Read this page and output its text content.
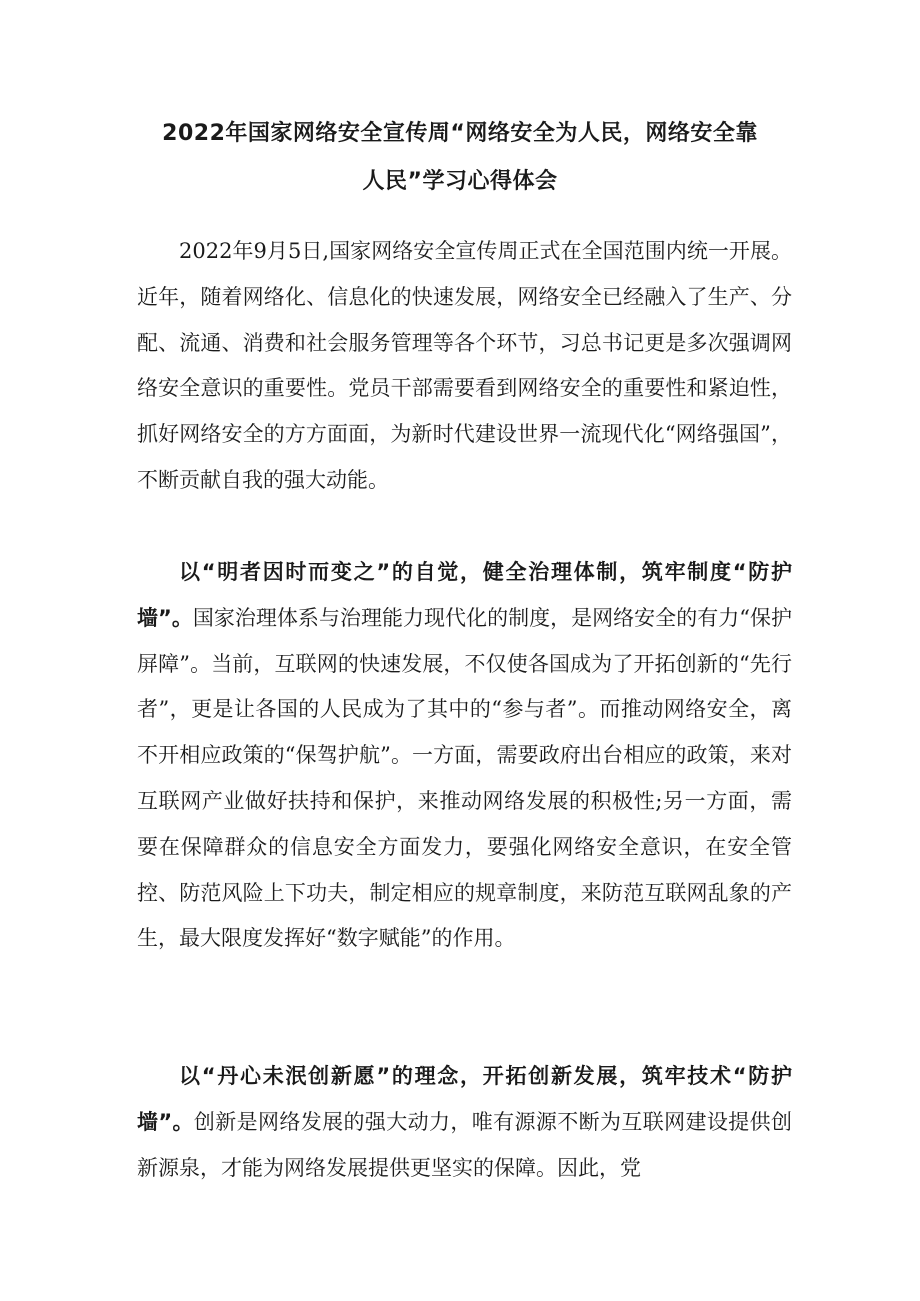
2022年国家网络安全宣传周“网络安全为人民，网络安全靠
人民”学习心得体会

2022年9月5日,国家网络安全宣传周正式在全国范围内统一开展。近年，随着网络化、信息化的快速发展，网络安全已经融入了生产、分配、流通、消费和社会服务管理等各个环节，习总书记更是多次强调网络安全意识的重要性。党员干部需要看到网络安全的重要性和紧迫性，抓好网络安全的方方面面，为新时代建设世界一流现代化“网络强国”，不断贡献自我的强大动能。

以“明者因时而变之”的自觉，健全治理体制，筑牢制度“防护墙”。国家治理体系与治理能力现代化的制度，是网络安全的有力“保护屏障”。当前，互联网的快速发展，不仅使各国成为了开拓创新的“先行者”，更是让各国的人民成为了其中的“参与者”。而推动网络安全，离不开相应政策的“保驾护航”。一方面，需要政府出台相应的政策，来对互联网产业做好扶持和保护，来推动网络发展的积极性;另一方面，需要在保障群众的信息安全方面发力，要强化网络安全意识，在安全管控、防范风险上下功夫，制定相应的规章制度，来防范互联网乱象的产生，最大限度发挥好“数字赋能”的作用。

以“丹心未泯创新愿”的理念，开拓创新发展，筑牢技术“防护墙”。创新是网络发展的强大动力，唯有源源不断为互联网建设提供创新源泉，才能为网络发展提供更坚实的保障。因此，党
